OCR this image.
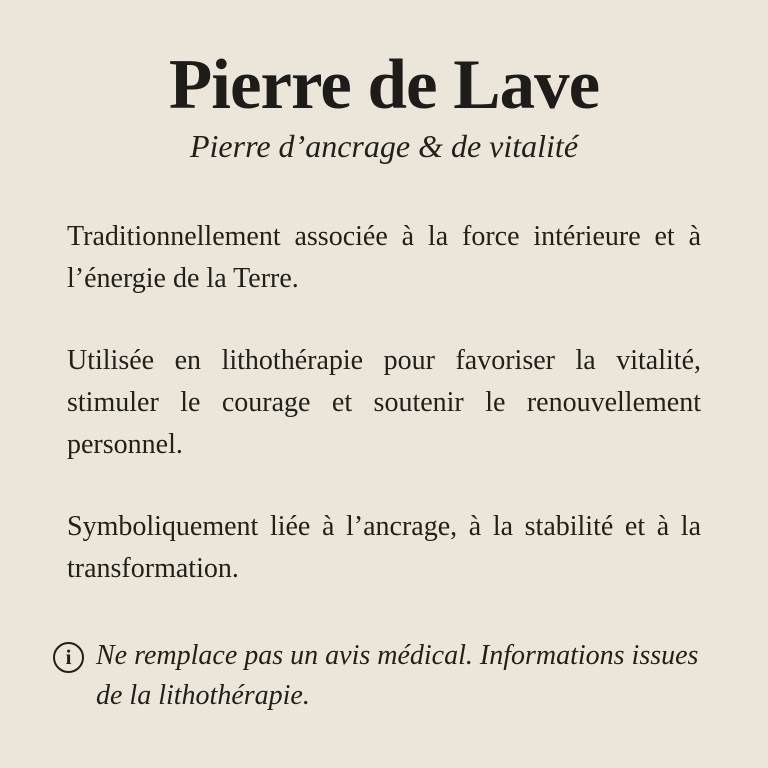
Pierre de Lave
Pierre d’ancrage & de vitalité

Traditionnellement associée à la force intérieure et à l’énergie de la Terre.

Utilisée en lithothérapie pour favoriser la vitalité, stimuler le courage et soutenir le renouvellement personnel.

Symboliquement liée à l’ancrage, à la stabilité et à la transformation.

i Ne remplace pas un avis médical. Informations issues de la lithothérapie.
